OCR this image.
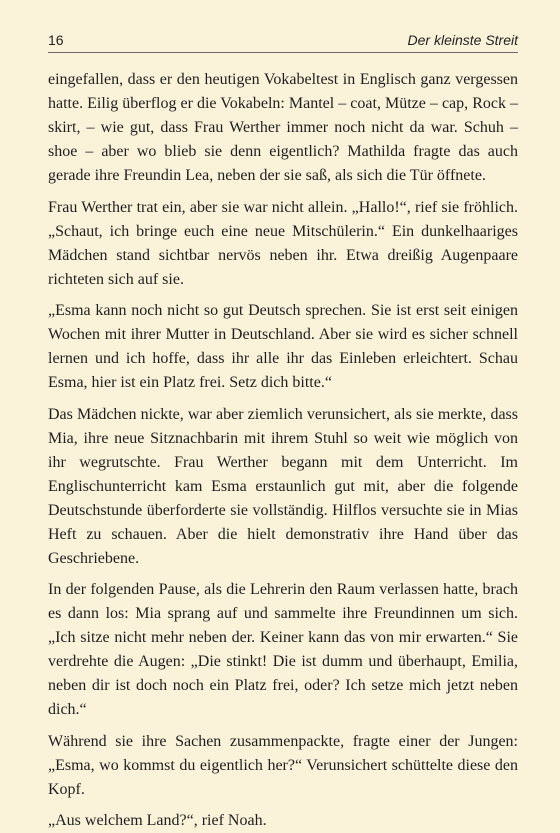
16	Der kleinste Streit

eingefallen, dass er den heutigen Vokabeltest in Englisch ganz vergessen hatte. Eilig überflog er die Vokabeln: Mantel – coat, Mütze – cap, Rock – skirt, – wie gut, dass Frau Werther immer noch nicht da war. Schuh – shoe – aber wo blieb sie denn eigentlich? Mathilda fragte das auch gerade ihre Freundin Lea, neben der sie saß, als sich die Tür öffnete.

Frau Werther trat ein, aber sie war nicht allein. „Hallo!“, rief sie fröhlich. „Schaut, ich bringe euch eine neue Mitschülerin.“ Ein dunkelhaariges Mädchen stand sichtbar nervös neben ihr. Etwa dreißig Augenpaare richteten sich auf sie.

„Esma kann noch nicht so gut Deutsch sprechen. Sie ist erst seit einigen Wochen mit ihrer Mutter in Deutschland. Aber sie wird es sicher schnell lernen und ich hoffe, dass ihr alle ihr das Einleben erleichtert. Schau Esma, hier ist ein Platz frei. Setz dich bitte.“

Das Mädchen nickte, war aber ziemlich verunsichert, als sie merkte, dass Mia, ihre neue Sitznachbarin mit ihrem Stuhl so weit wie möglich von ihr wegrutschte. Frau Werther begann mit dem Unterricht. Im Englischunterricht kam Esma erstaunlich gut mit, aber die folgende Deutschstunde überforderte sie vollständig. Hilflos versuchte sie in Mias Heft zu schauen. Aber die hielt demonstrativ ihre Hand über das Geschriebene.

In der folgenden Pause, als die Lehrerin den Raum verlassen hatte, brach es dann los: Mia sprang auf und sammelte ihre Freundinnen um sich. „Ich sitze nicht mehr neben der. Keiner kann das von mir erwarten.“ Sie verdrehte die Augen: „Die stinkt! Die ist dumm und überhaupt, Emilia, neben dir ist doch noch ein Platz frei, oder? Ich setze mich jetzt neben dich.“

Während sie ihre Sachen zusammenpackte, fragte einer der Jungen: „Esma, wo kommst du eigentlich her?“ Verunsichert schüttelte diese den Kopf.

„Aus welchem Land?“, rief Noah.
